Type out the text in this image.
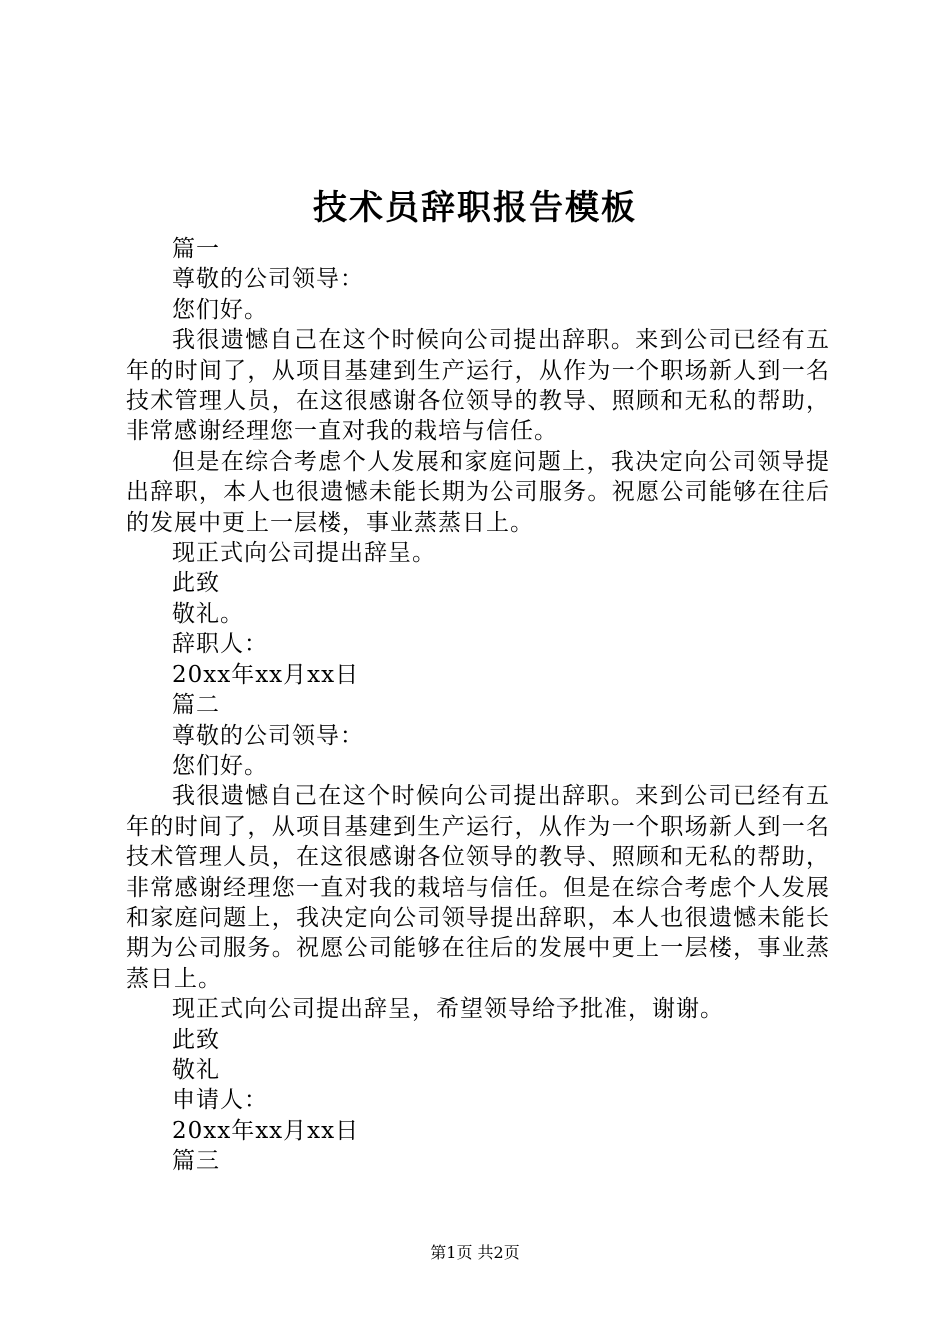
技术员辞职报告模板

篇一

尊敬的公司领导：

您们好。

我很遗憾自己在这个时候向公司提出辞职。来到公司已经有五年的时间了，从项目基建到生产运行，从作为一个职场新人到一名技术管理人员，在这很感谢各位领导的教导、照顾和无私的帮助，非常感谢经理您一直对我的栽培与信任。

但是在综合考虑个人发展和家庭问题上，我决定向公司领导提出辞职，本人也很遗憾未能长期为公司服务。祝愿公司能够在往后的发展中更上一层楼，事业蒸蒸日上。

现正式向公司提出辞呈。

此致

敬礼。

辞职人：

20xx年xx月xx日

篇二

尊敬的公司领导：

您们好。

我很遗憾自己在这个时候向公司提出辞职。来到公司已经有五年的时间了，从项目基建到生产运行，从作为一个职场新人到一名技术管理人员，在这很感谢各位领导的教导、照顾和无私的帮助，非常感谢经理您一直对我的栽培与信任。但是在综合考虑个人发展和家庭问题上，我决定向公司领导提出辞职，本人也很遗憾未能长期为公司服务。祝愿公司能够在往后的发展中更上一层楼，事业蒸蒸日上。

现正式向公司提出辞呈，希望领导给予批准，谢谢。

此致

敬礼

申请人：

20xx年xx月xx日

篇三

第1页 共2页
